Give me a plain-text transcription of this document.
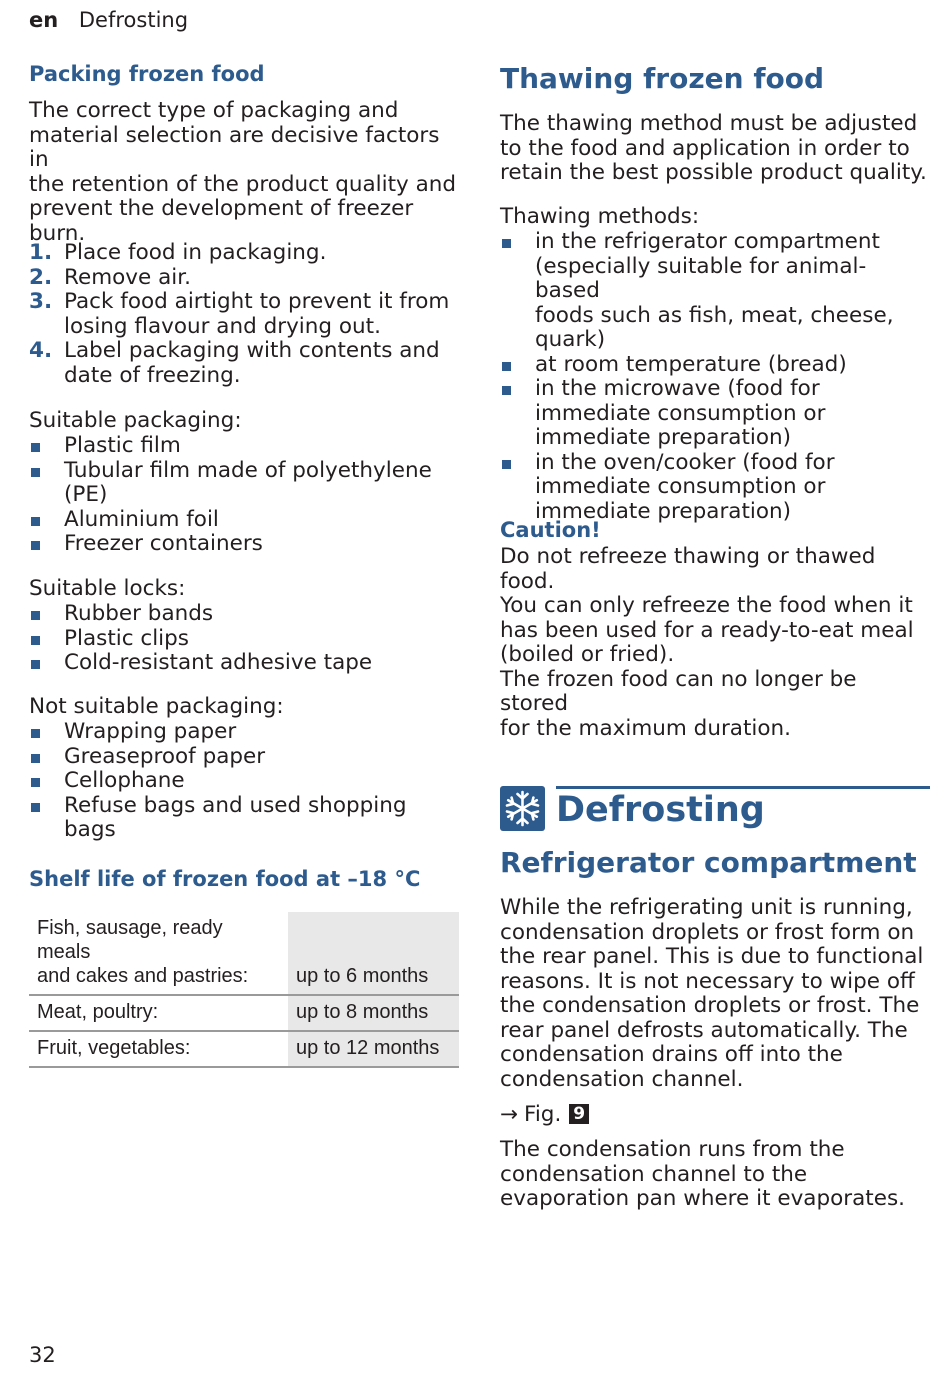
en Defrosting
Packing frozen food

The correct type of packaging and
material selection are decisive factors in
the retention of the product quality and
prevent the development of freezer
burn.

1. Place food in packaging.
2. Remove air.
3. Pack food airtight to prevent it from
losing flavour and drying out.
4. Label packaging with contents and
date of freezing.

Suitable packaging:

Plastic film
Tubular film made of polyethylene
(PE)
Aluminium foil
Freezer containers

Suitable locks:

Rubber bands
Plastic clips
Cold-resistant adhesive tape

Not suitable packaging:

Wrapping paper
Greaseproof paper
Cellophane
Refuse bags and used shopping
bags
Shelf life of frozen food at –18 °C
Fish, sausage, ready meals
and cakes and pastries:	up to 6 months
Meat, poultry:	up to 8 months
Fruit, vegetables:	up to 12 months
Thawing frozen food

The thawing method must be adjusted
to the food and application in order to
retain the best possible product quality.

Thawing methods:

in the refrigerator compartment
(especially suitable for animal-based
foods such as fish, meat, cheese,
quark)
at room temperature (bread)
in the microwave (food for
immediate consumption or
immediate preparation)
in the oven/cooker (food for
immediate consumption or
immediate preparation)
Caution!

Do not refreeze thawing or thawed food.
You can only refreeze the food when it
has been used for a ready-to-eat meal
(boiled or fried).
The frozen food can no longer be stored
for the maximum duration.

Refrigerator compartment

While the refrigerating unit is running,
condensation droplets or frost form on
the rear panel. This is due to functional
reasons. It is not necessary to wipe off
the condensation droplets or frost. The
rear panel defrosts automatically. The
condensation drains off into the
condensation channel.

→ Fig. 9

The condensation runs from the
condensation channel to the
evaporation pan where it evaporates.

Defrosting
32
